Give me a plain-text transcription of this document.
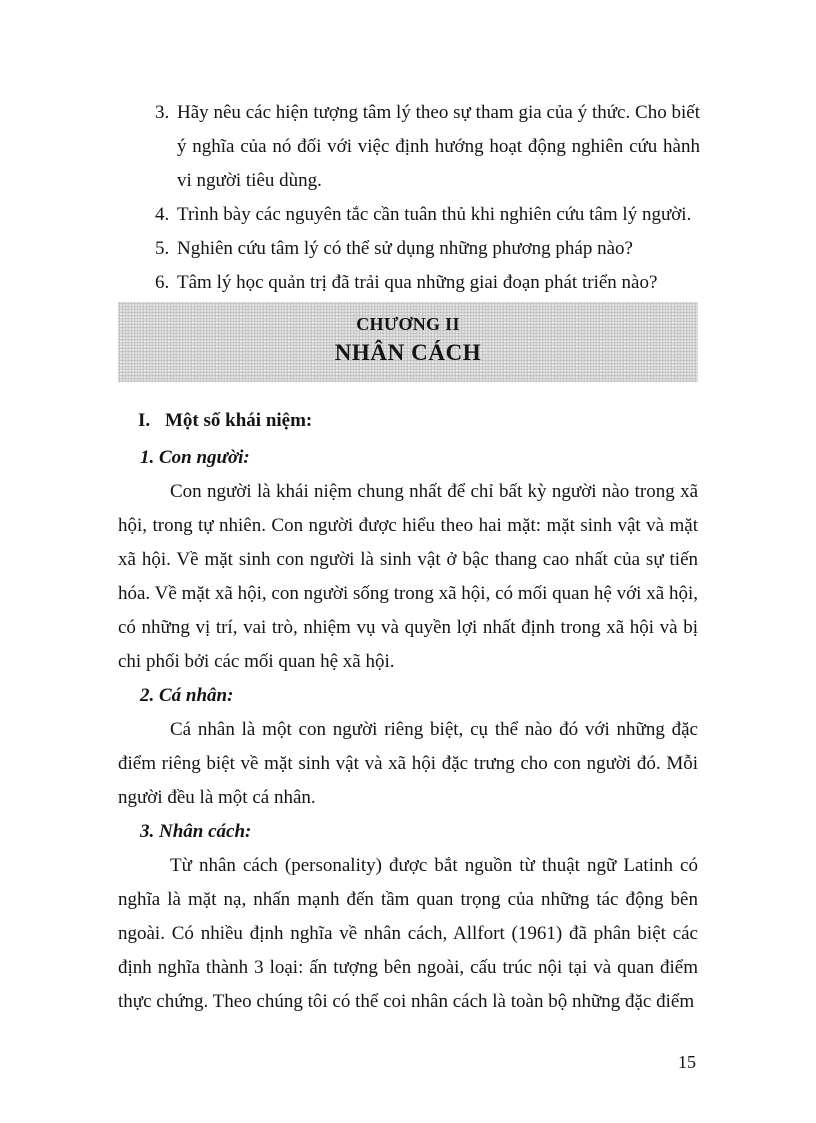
3. Hãy nêu các hiện tượng tâm lý theo sự tham gia của ý thức. Cho biết ý nghĩa của nó đối với việc định hướng hoạt động nghiên cứu hành vi người tiêu dùng.
4. Trình bày các nguyên tắc cần tuân thủ khi nghiên cứu tâm lý người.
5. Nghiên cứu tâm lý có thể sử dụng những phương pháp nào?
6. Tâm lý học quản trị đã trải qua những giai đoạn phát triển nào?
CHƯƠNG II
NHÂN CÁCH
I. Một số khái niệm:
1. Con người:

Con người là khái niệm chung nhất để chỉ bất kỳ người nào trong xã hội, trong tự nhiên. Con người được hiểu theo hai mặt: mặt sinh vật và mặt xã hội. Về mặt sinh con người là sinh vật ở bậc thang cao nhất của sự tiến hóa. Về mặt xã hội, con người sống trong xã hội, có mối quan hệ với xã hội, có những vị trí, vai trò, nhiệm vụ và quyền lợi nhất định trong xã hội và bị chi phối bởi các mối quan hệ xã hội.

2. Cá nhân:

Cá nhân là một con người riêng biệt, cụ thể nào đó với những đặc điểm riêng biệt về mặt sinh vật và xã hội đặc trưng cho con người đó. Mỗi người đều là một cá nhân.

3. Nhân cách:

Từ nhân cách (personality) được bắt nguồn từ thuật ngữ Latinh có nghĩa là mặt nạ, nhấn mạnh đến tầm quan trọng của những tác động bên ngoài. Có nhiều định nghĩa về nhân cách, Allfort (1961) đã phân biệt các định nghĩa thành 3 loại: ấn tượng bên ngoài, cấu trúc nội tại và quan điểm thực chứng. Theo chúng tôi có thể coi nhân cách là toàn bộ những đặc điểm

15
